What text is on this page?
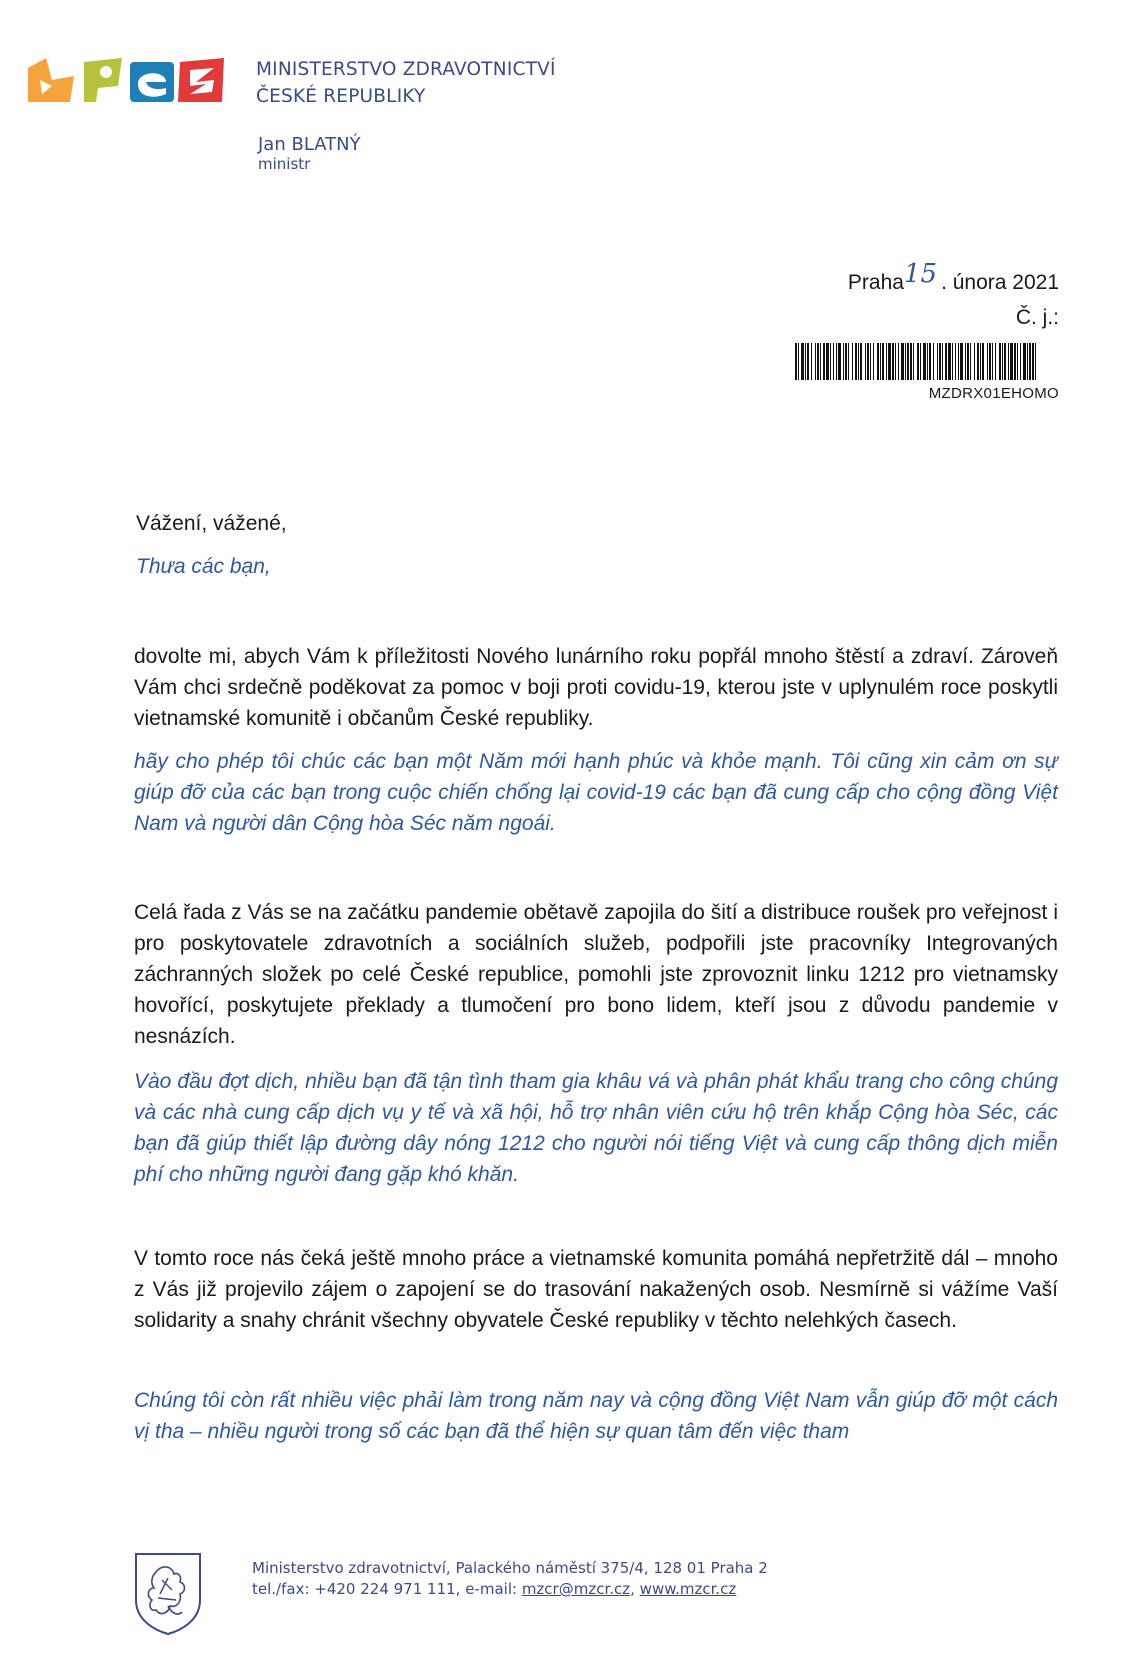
MINISTERSTVO ZDRAVOTNICTVÍ
ČESKÉ REPUBLIKY
Jan BLATNÝ
ministr
Praha15 . února 2021
Č. j.:
MZDRX01EHOMO
Vážení, vážené,
Thưa các bạn,
dovolte mi, abych Vám k příležitosti Nového lunárního roku popřál mnoho štěstí a zdraví. Zároveň Vám chci srdečně poděkovat za pomoc v boji proti covidu-19, kterou jste v uplynulém roce poskytli vietnamské komunitě i občanům České republiky.
hãy cho phép tôi chúc các bạn một Năm mới hạnh phúc và khỏe mạnh. Tôi cũng xin cảm ơn sự giúp đỡ của các bạn trong cuộc chiến chống lại covid-19 các bạn đã cung cấp cho cộng đồng Việt Nam và người dân Cộng hòa Séc năm ngoái.
Celá řada z Vás se na začátku pandemie obětavě zapojila do šití a distribuce roušek pro veřejnost i pro poskytovatele zdravotních a sociálních služeb, podpořili jste pracovníky Integrovaných záchranných složek po celé České republice, pomohli jste zprovoznit linku 1212 pro vietnamsky hovořící, poskytujete překlady a tlumočení pro bono lidem, kteří jsou z důvodu pandemie v nesnázích.
Vào đầu đợt dịch, nhiều bạn đã tận tình tham gia khâu vá và phân phát khẩu trang cho công chúng và các nhà cung cấp dịch vụ y tế và xã hội, hỗ trợ nhân viên cứu hộ trên khắp Cộng hòa Séc, các bạn đã giúp thiết lập đường dây nóng 1212 cho người nói tiếng Việt và cung cấp thông dịch miễn phí cho những người đang gặp khó khăn.
V tomto roce nás čeká ještě mnoho práce a vietnamské komunita pomáhá nepřetržitě dál – mnoho z Vás již projevilo zájem o zapojení se do trasování nakažených osob. Nesmírně si vážíme Vaší solidarity a snahy chránit všechny obyvatele České republiky v těchto nelehkých časech.
Chúng tôi còn rất nhiều việc phải làm trong năm nay và cộng đồng Việt Nam vẫn giúp đỡ một cách vị tha – nhiều người trong số các bạn đã thể hiện sự quan tâm đến việc tham
Ministerstvo zdravotnictví, Palackého náměstí 375/4, 128 01 Praha 2
tel./fax: +420 224 971 111, e-mail: mzcr@mzcr.cz, www.mzcr.cz
